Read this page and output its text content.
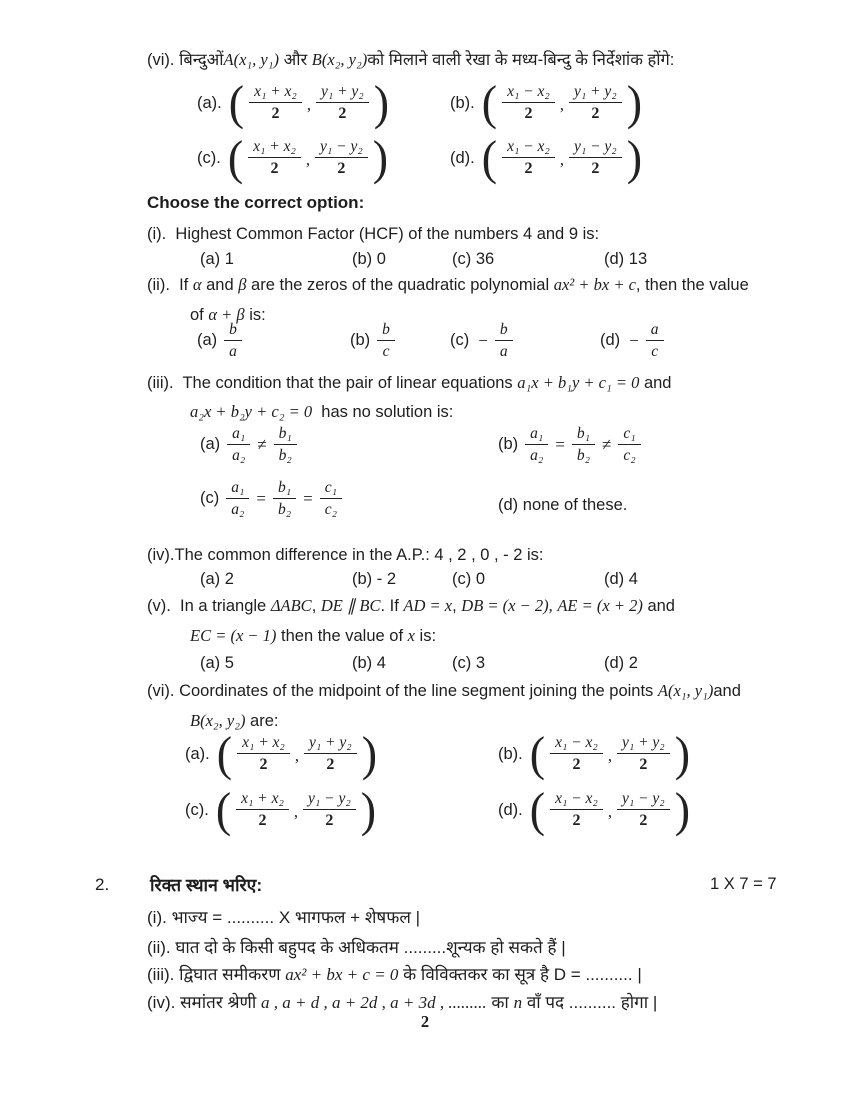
(vi). बिन्दुओंA(x₁, y₁) और B(x₂, y₂)को मिलाने वाली रेखा के मध्य-बिन्दु के निर्देशांक होंगे:
(a). ( $\frac{\text{x₁ + x₂}}{2}$ , $\frac{\text{y₁ + y₂}}{2}$ )	(b). ( $\frac{\text{x₁ − x₂}}{2}$ , $\frac{\text{y₁ + y₂}}{2}$ )
(c). ( $\frac{\text{x₁ + x₂}}{2}$ , $\frac{\text{y₁ − y₂}}{2}$ )	(d). ( $\frac{\text{x₁ − x₂}}{2}$ , $\frac{\text{y₁ − y₂}}{2}$ )
Choose the correct option:
(i). Highest Common Factor (HCF) of the numbers 4 and 9 is:
(a) 1	(b) 0	(c) 36	(d) 13
(ii). If α and β are the zeros of the quadratic polynomial ax² + bx + c, then the value
of α + β is:
$(a) \frac{b}{a}$	$(b) \frac{b}{c}$	$(c) - \frac{b}{a}$	$(d) - \frac{a}{c}$
(iii). The condition that the pair of linear equations a₁x + b₁y + c₁ = 0 and
a₂x + b₂y + c₂ = 0 has no solution is:
$(a) \frac{\text{a₁}}{\text{a₂}} \ne \frac{\text{b₁}}{\text{b₂}}$	$(b) \frac{\text{a₁}}{\text{a₂}} = \frac{\text{b₁}}{\text{b₂}} \ne \frac{\text{c₁}}{\text{c₂}}$
$(c) \frac{\text{a₁}}{\text{a₂}} = \frac{\text{b₁}}{\text{b₂}} = \frac{\text{c₁}}{\text{c₂}}$	(d) none of these.
(iv).The common difference in the A.P.: 4 , 2 , 0 , - 2 is:
(a) 2	(b) - 2	(c) 0	(d) 4
(v). In a triangle ΔABC, DE ∥ BC. If AD = x, DB = (x − 2), AE = (x + 2) and
EC = (x − 1) then the value of x is:
(a) 5	(b) 4	(c) 3	(d) 2
(vi). Coordinates of the midpoint of the line segment joining the points A(x₁, y₁)and
B(x₂, y₂) are:
(a). ( $\frac{\text{x₁ + x₂}}{2}$ , $\frac{\text{y₁ + y₂}}{2}$ )	(b). ( $\frac{\text{x₁ − x₂}}{2}$ , $\frac{\text{y₁ + y₂}}{2}$ )
(c). ( $\frac{\text{x₁ + x₂}}{2}$ , $\frac{\text{y₁ − y₂}}{2}$ )	(d). ( $\frac{\text{x₁ − x₂}}{2}$ , $\frac{\text{y₁ − y₂}}{2}$ )
2. रिक्त स्थान भरिए:	1 X 7 = 7
(i). भाज्य = .......... X भागफल + शेषफल |
(ii). घात दो के किसी बहुपद के अधिकतम .........शून्यक हो सकते हैं |
(iii). द्विघात समीकरण ax² + bx + c = 0 के विविक्तकर का सूत्र है D = .......... |
(iv). समांतर श्रेणी a , a + d , a + 2d , a + 3d , ......... का n वाँ पद .......... होगा |
2
